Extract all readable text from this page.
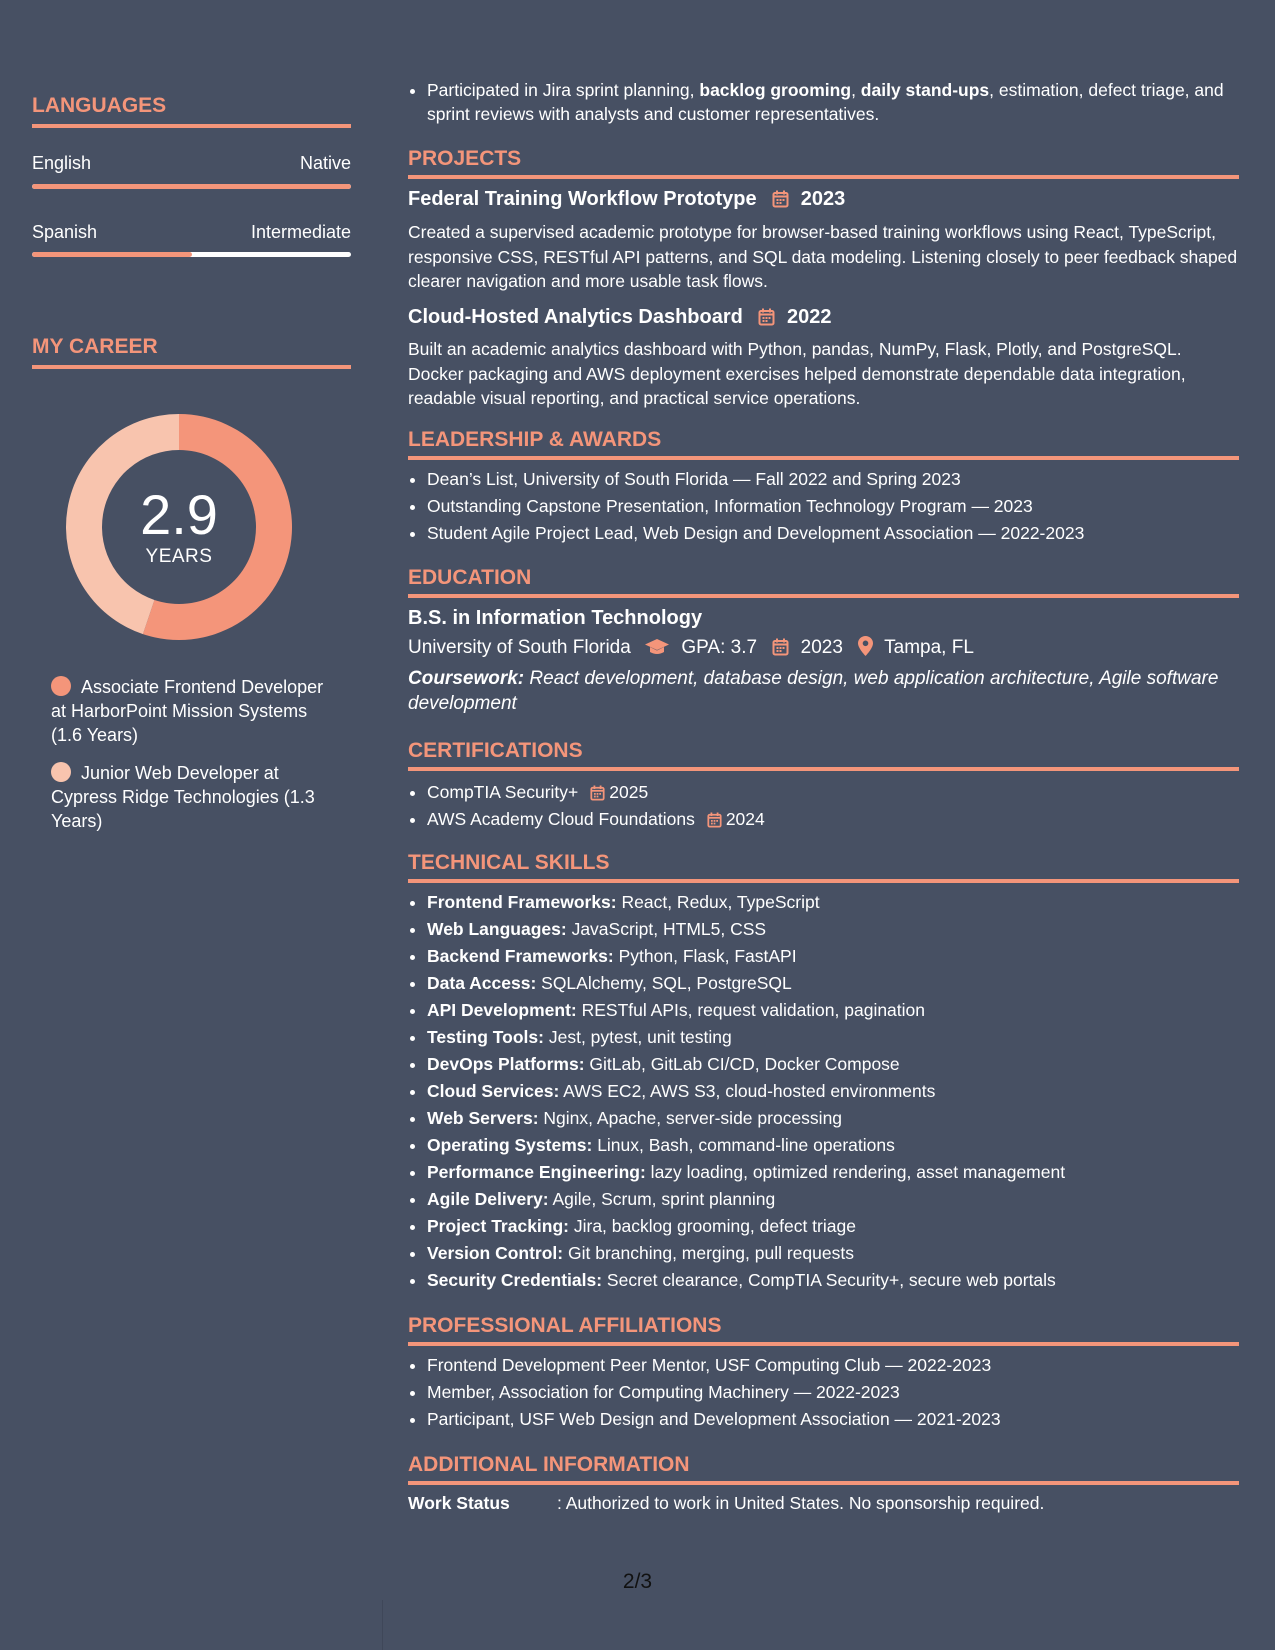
LANGUAGES
English	Native
Spanish	Intermediate
MY CAREER
2.9
YEARS
Associate Frontend Developer at HarborPoint Mission Systems (1.6 Years)
Junior Web Developer at Cypress Ridge Technologies (1.3 Years)
• Participated in Jira sprint planning, backlog grooming, daily stand-ups, estimation, defect triage, and sprint reviews with analysts and customer representatives.
PROJECTS
Federal Training Workflow Prototype 2023
Created a supervised academic prototype for browser-based training workflows using React, TypeScript, responsive CSS, RESTful API patterns, and SQL data modeling. Listening closely to peer feedback shaped clearer navigation and more usable task flows.
Cloud-Hosted Analytics Dashboard 2022
Built an academic analytics dashboard with Python, pandas, NumPy, Flask, Plotly, and PostgreSQL. Docker packaging and AWS deployment exercises helped demonstrate dependable data integration, readable visual reporting, and practical service operations.
LEADERSHIP & AWARDS
• Dean’s List, University of South Florida — Fall 2022 and Spring 2023
• Outstanding Capstone Presentation, Information Technology Program — 2023
• Student Agile Project Lead, Web Design and Development Association — 2022-2023
EDUCATION
B.S. in Information Technology
University of South Florida	GPA: 3.7 2023 Tampa, FL
Coursework: React development, database design, web application architecture, Agile software development
CERTIFICATIONS
• CompTIA Security+ 2025
• AWS Academy Cloud Foundations 2024
TECHNICAL SKILLS
• Frontend Frameworks: React, Redux, TypeScript
• Web Languages: JavaScript, HTML5, CSS
• Backend Frameworks: Python, Flask, FastAPI
• Data Access: SQLAlchemy, SQL, PostgreSQL
• API Development: RESTful APIs, request validation, pagination
• Testing Tools: Jest, pytest, unit testing
• DevOps Platforms: GitLab, GitLab CI/CD, Docker Compose
• Cloud Services: AWS EC2, AWS S3, cloud-hosted environments
• Web Servers: Nginx, Apache, server-side processing
• Operating Systems: Linux, Bash, command-line operations
• Performance Engineering: lazy loading, optimized rendering, asset management
• Agile Delivery: Agile, Scrum, sprint planning
• Project Tracking: Jira, backlog grooming, defect triage
• Version Control: Git branching, merging, pull requests
• Security Credentials: Secret clearance, CompTIA Security+, secure web portals
PROFESSIONAL AFFILIATIONS
• Frontend Development Peer Mentor, USF Computing Club — 2022-2023
• Member, Association for Computing Machinery — 2022-2023
• Participant, USF Web Design and Development Association — 2021-2023
ADDITIONAL INFORMATION
Work Status	: Authorized to work in United States. No sponsorship required.
2/3
